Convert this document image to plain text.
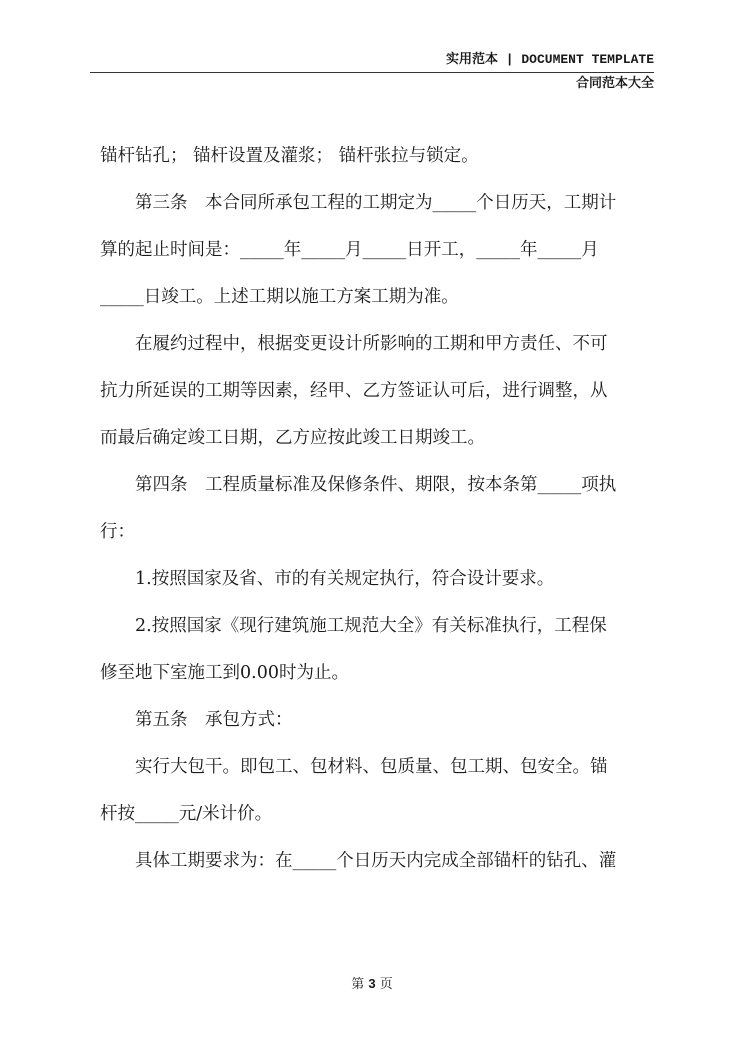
实用范本 | DOCUMENT TEMPLATE
合同范本大全
锚杆钻孔； 锚杆设置及灌浆； 锚杆张拉与锁定。
　　第三条　本合同所承包工程的工期定为_____个日历天，工期计
算的起止时间是：_____年_____月_____日开工，_____年_____月
_____日竣工。上述工期以施工方案工期为准。
　　在履约过程中，根据变更设计所影响的工期和甲方责任、不可
抗力所延误的工期等因素，经甲、乙方签证认可后，进行调整，从
而最后确定竣工日期，乙方应按此竣工日期竣工。
　　第四条　工程质量标准及保修条件、期限，按本条第_____项执
行：
　　1.按照国家及省、市的有关规定执行，符合设计要求。
　　2.按照国家《现行建筑施工规范大全》有关标准执行，工程保
修至地下室施工到0.00时为止。
　　第五条　承包方式：
　　实行大包干。即包工、包材料、包质量、包工期、包安全。锚
杆按_____元/米计价。
　　具体工期要求为：在_____个日历天内完成全部锚杆的钻孔、灌
第 3 页
